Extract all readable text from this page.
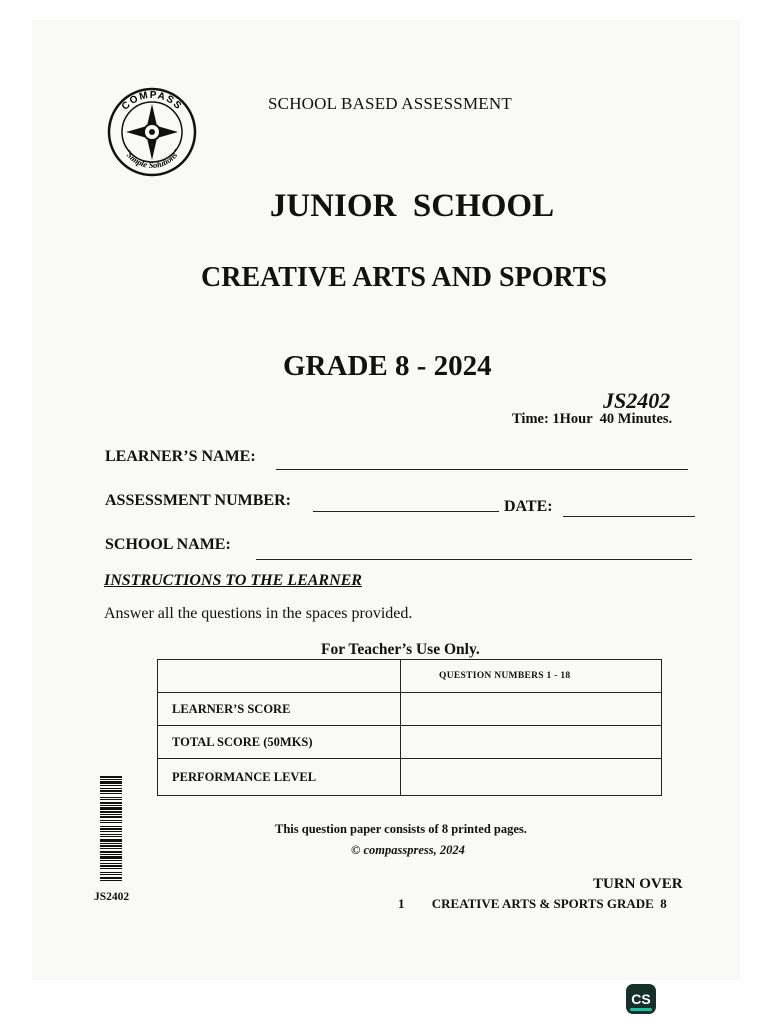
COMPASS
"Simple Solutions"
SCHOOL BASED ASSESSMENT
JUNIOR  SCHOOL
CREATIVE ARTS AND SPORTS
GRADE 8 - 2024
JS2402
Time: 1Hour  40 Minutes.
LEARNER’S NAME:
ASSESSMENT NUMBER:	DATE:
SCHOOL NAME:
INSTRUCTIONS TO THE LEARNER
Answer all the questions in the spaces provided.
For Teacher’s Use Only.
	QUESTION NUMBERS 1 - 18
LEARNER’S SCORE	
TOTAL SCORE (50MKS)	
PERFORMANCE LEVEL	
JS2402
This question paper consists of 8 printed pages.
© compasspress, 2024
TURN OVER
1 CREATIVE ARTS & SPORTS GRADE  8
CS
